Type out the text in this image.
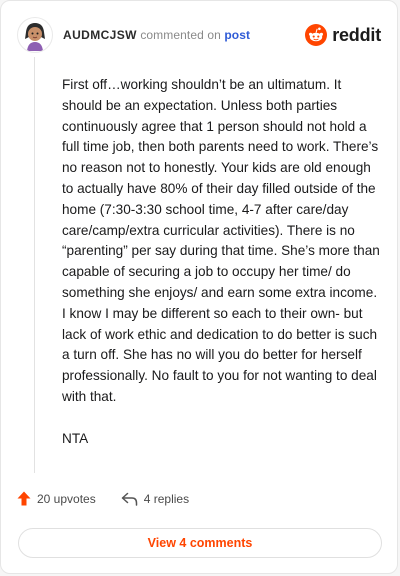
AUDMCJSW commented on post	reddit

First off…working shouldn’t be an ultimatum. It should be an expectation. Unless both parties continuously agree that 1 person should not hold a full time job, then both parents need to work. There’s no reason not to honestly. Your kids are old enough to actually have 80% of their day filled outside of the home (7:30-3:30 school time, 4-7 after care/day care/camp/extra curricular activities). There is no “parenting” per say during that time. She’s more than capable of securing a job to occupy her time/ do something she enjoys/ and earn some extra income. I know I may be different so each to their own- but lack of work ethic and dedication to do better is such a turn off. She has no will you do better for herself professionally. No fault to you for not wanting to deal with that.

NTA

20 upvotes	4 replies
View 4 comments
